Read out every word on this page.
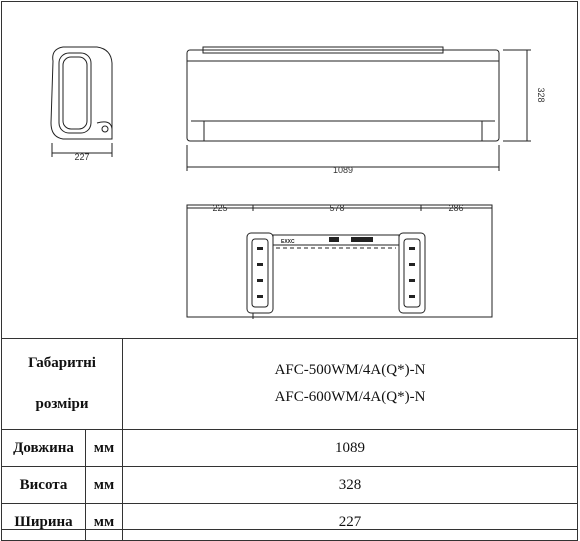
227
328
1089
EXXC
225	578	286
Габаритні
розміри		AFC-500WM/4A(Q*)-N
AFC-600WM/4A(Q*)-N

Довжина	мм	1089
Висота	мм	328
Ширина	мм	227
